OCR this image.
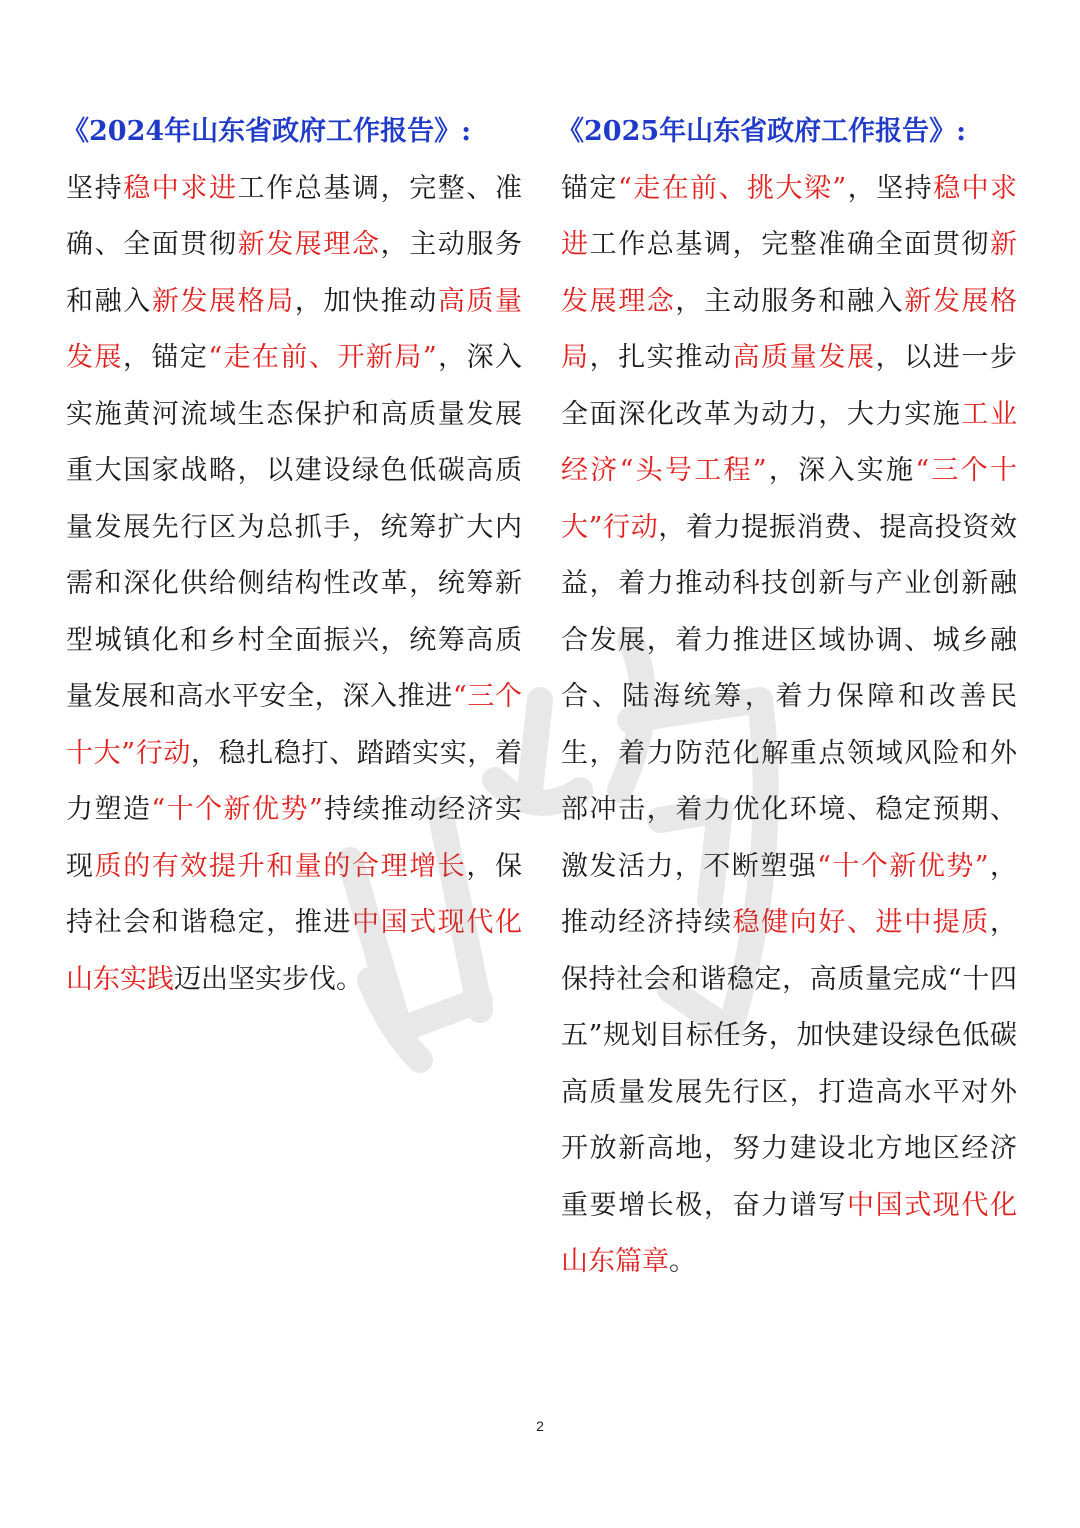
《2024年山东省政府工作报告》:
坚持稳中求进工作总基调，完整、准确、全面贯彻新发展理念，主动服务和融入新发展格局，加快推动高质量发展，锚定“走在前、开新局”，深入实施黄河流域生态保护和高质量发展重大国家战略，以建设绿色低碳高质量发展先行区为总抓手，统筹扩大内需和深化供给侧结构性改革，统筹新型城镇化和乡村全面振兴，统筹高质量发展和高水平安全，深入推进“三个十大”行动，稳扎稳打、踏踏实实，着力塑造“十个新优势”持续推动经济实现质的有效提升和量的合理增长，保持社会和谐稳定，推进中国式现代化山东实践迈出坚实步伐。
《2025年山东省政府工作报告》:
锚定“走在前、挑大梁”，坚持稳中求进工作总基调，完整准确全面贯彻新发展理念，主动服务和融入新发展格局，扎实推动高质量发展，以进一步全面深化改革为动力，大力实施工业经济“头号工程”，深入实施“三个十大”行动，着力提振消费、提高投资效益，着力推动科技创新与产业创新融合发展，着力推进区域协调、城乡融合、陆海统筹，着力保障和改善民生，着力防范化解重点领域风险和外部冲击，着力优化环境、稳定预期、激发活力，不断塑强“十个新优势”，推动经济持续稳健向好、进中提质，保持社会和谐稳定，高质量完成“十四五”规划目标任务，加快建设绿色低碳高质量发展先行区，打造高水平对外开放新高地，努力建设北方地区经济重要增长极，奋力谱写中国式现代化山东篇章。
2
